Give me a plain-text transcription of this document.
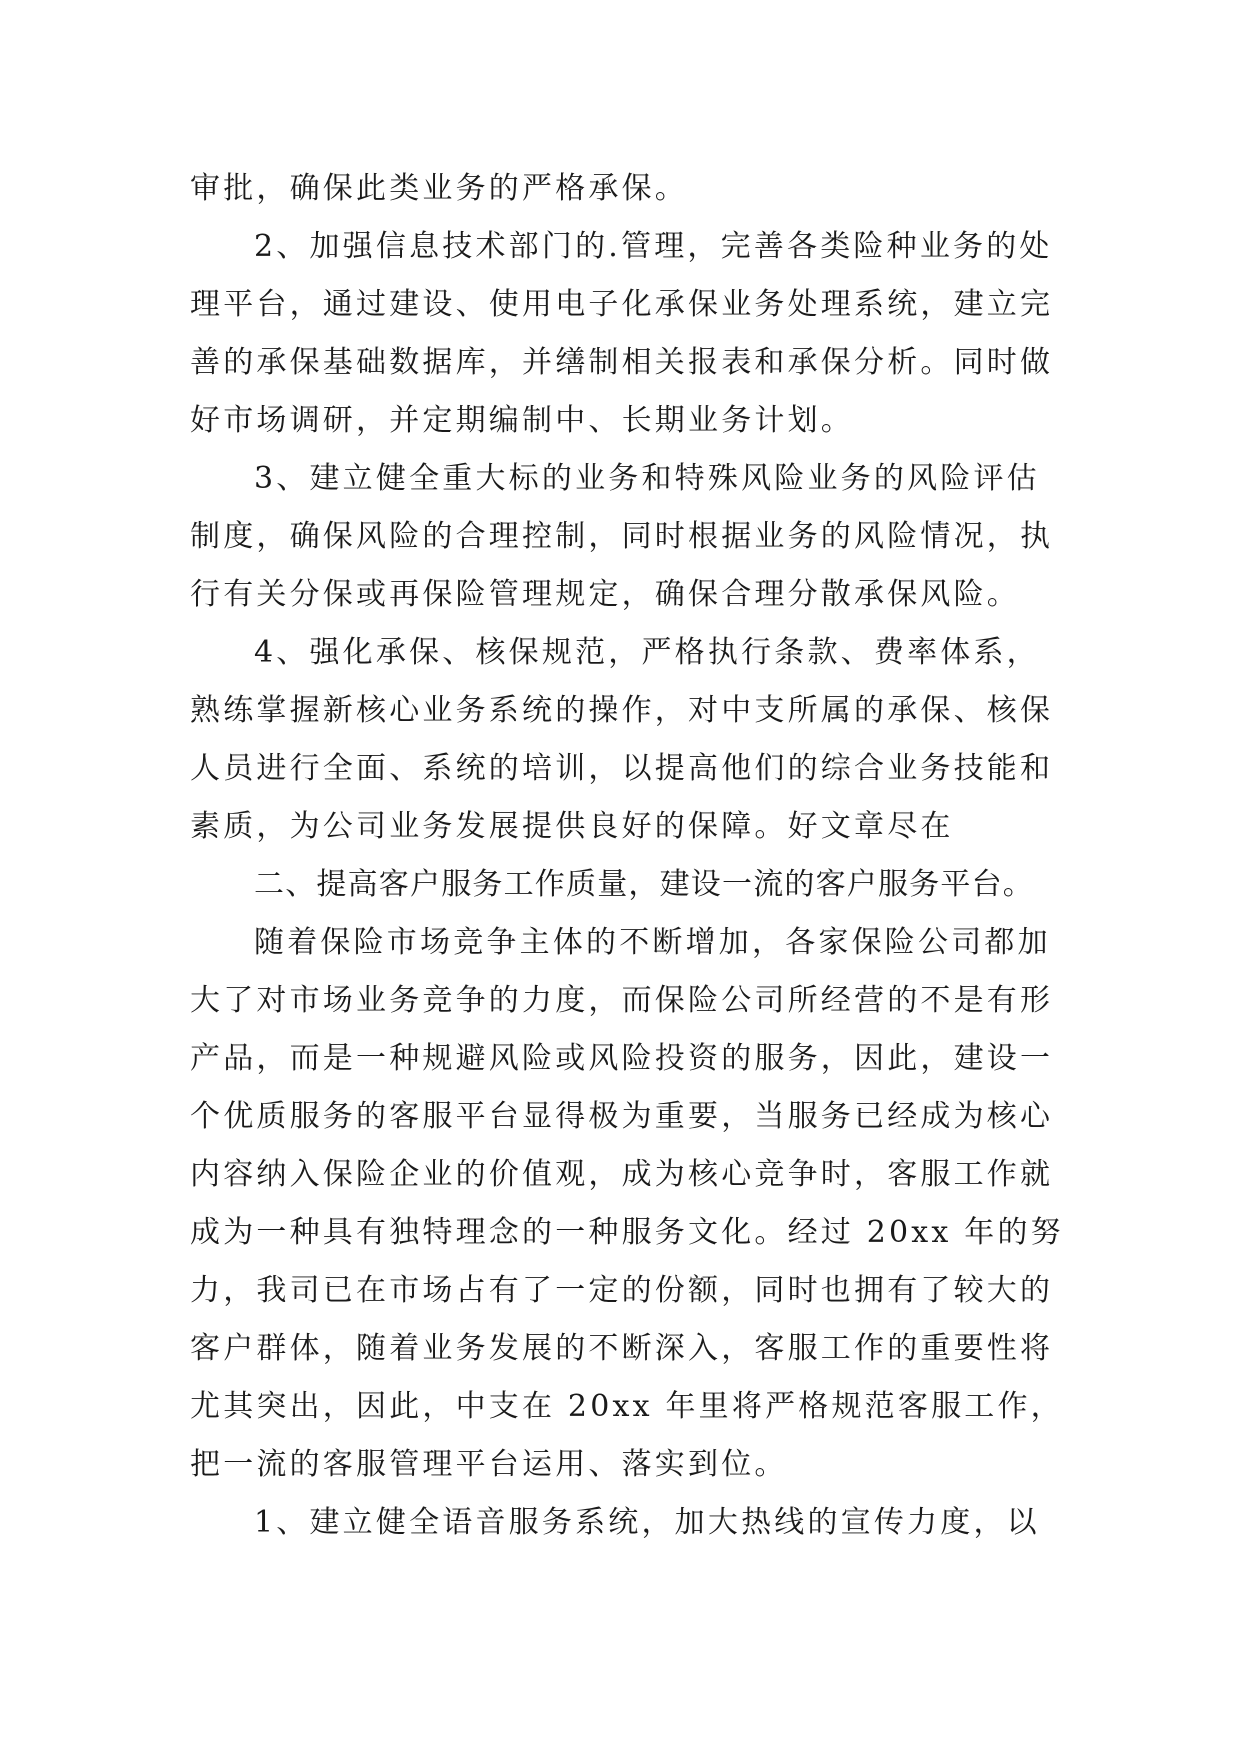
审批，确保此类业务的严格承保。
2、加强信息技术部门的.管理，完善各类险种业务的处
理平台，通过建设、使用电子化承保业务处理系统，建立完
善的承保基础数据库，并缮制相关报表和承保分析。同时做
好市场调研，并定期编制中、长期业务计划。
3、建立健全重大标的业务和特殊风险业务的风险评估
制度，确保风险的合理控制，同时根据业务的风险情况，执
行有关分保或再保险管理规定，确保合理分散承保风险。
4、强化承保、核保规范，严格执行条款、费率体系，
熟练掌握新核心业务系统的操作，对中支所属的承保、核保
人员进行全面、系统的培训，以提高他们的综合业务技能和
素质，为公司业务发展提供良好的保障。好文章尽在
二、提高客户服务工作质量，建设一流的客户服务平台。
随着保险市场竞争主体的不断增加，各家保险公司都加
大了对市场业务竞争的力度，而保险公司所经营的不是有形
产品，而是一种规避风险或风险投资的服务，因此，建设一
个优质服务的客服平台显得极为重要，当服务已经成为核心
内容纳入保险企业的价值观，成为核心竞争时，客服工作就
成为一种具有独特理念的一种服务文化。经过 20xx 年的努
力，我司已在市场占有了一定的份额，同时也拥有了较大的
客户群体，随着业务发展的不断深入，客服工作的重要性将
尤其突出，因此，中支在 20xx 年里将严格规范客服工作，
把一流的客服管理平台运用、落实到位。
1、建立健全语音服务系统，加大热线的宣传力度，以
